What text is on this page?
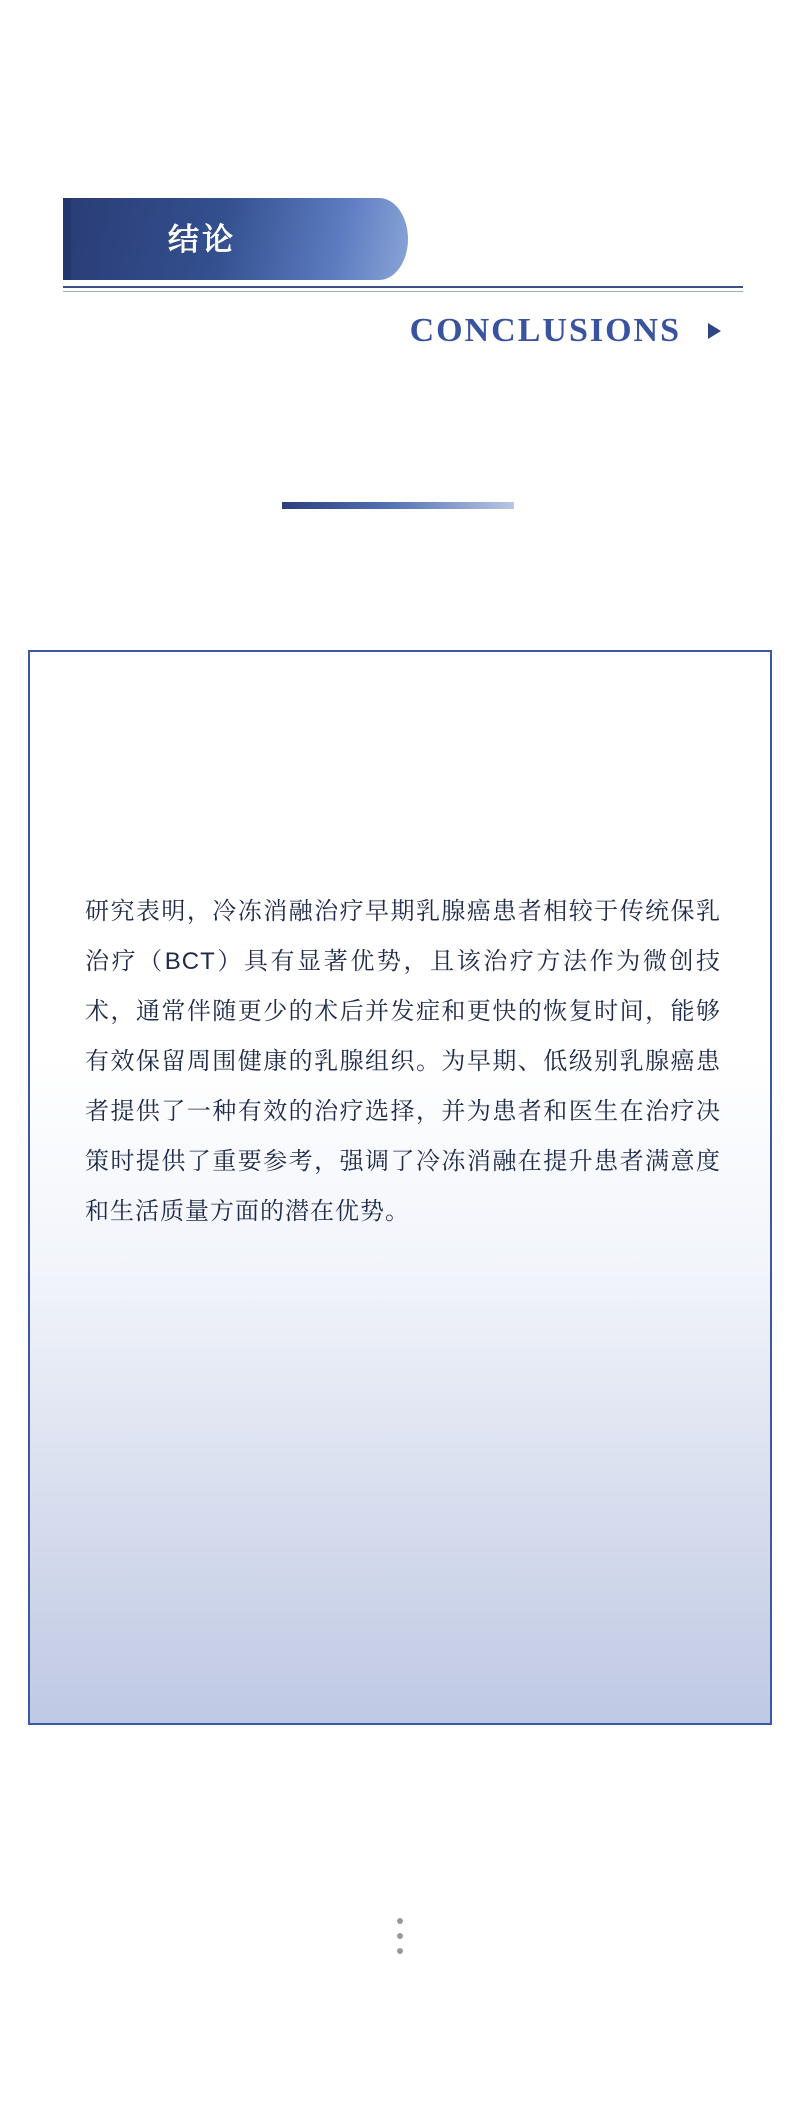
结论
CONCLUSIONS
研究表明，冷冻消融治疗早期乳腺癌患者相较于传统保乳治疗（BCT）具有显著优势，且该治疗方法作为微创技术，通常伴随更少的术后并发症和更快的恢复时间，能够有效保留周围健康的乳腺组织。为早期、低级别乳腺癌患者提供了一种有效的治疗选择，并为患者和医生在治疗决策时提供了重要参考，强调了冷冻消融在提升患者满意度和生活质量方面的潜在优势。
